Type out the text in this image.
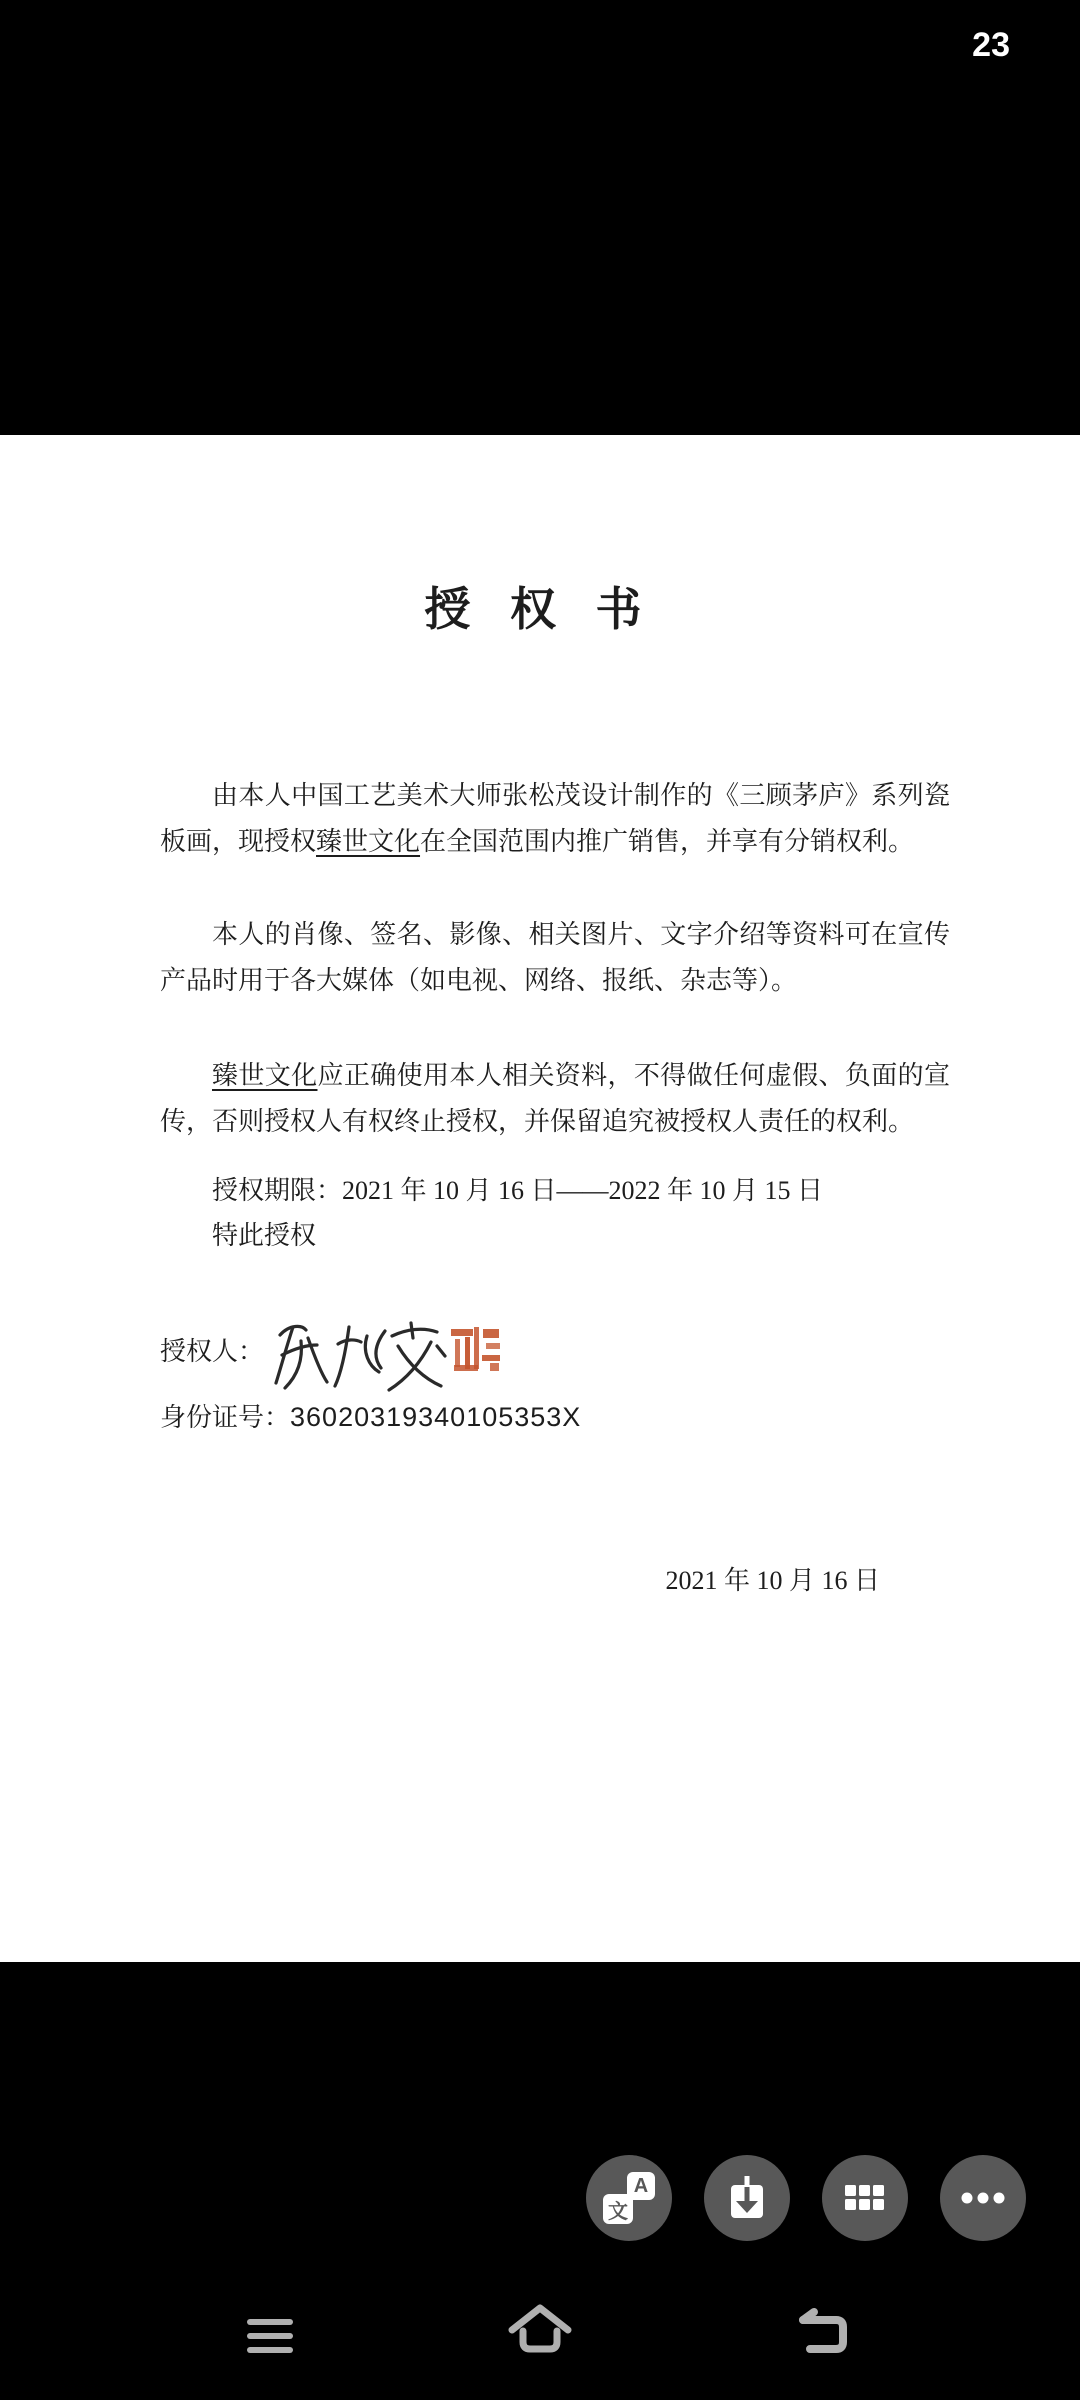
23
授 权 书

由本人中国工艺美术大师张松茂设计制作的《三顾茅庐》系列瓷板画，现授权臻世文化在全国范围内推广销售，并享有分销权利。

本人的肖像、签名、影像、相关图片、文字介绍等资料可在宣传产品时用于各大媒体（如电视、网络、报纸、杂志等）。

臻世文化应正确使用本人相关资料，不得做任何虚假、负面的宣传，否则授权人有权终止授权，并保留追究被授权人责任的权利。

授权期限：2021 年 10 月 16 日——2022 年 10 月 15 日
特此授权
授权人：
身份证号：36020319340105353X
2021 年 10 月 16 日
A
文
